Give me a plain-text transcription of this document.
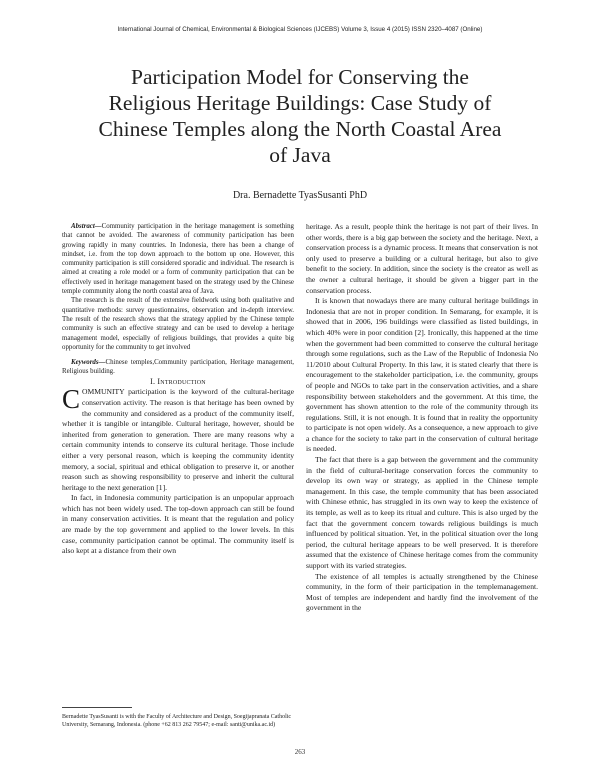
International Journal of Chemical, Environmental & Biological Sciences (IJCEBS) Volume 3, Issue 4 (2015) ISSN 2320–4087 (Online)
Participation Model for Conserving the
Religious Heritage Buildings: Case Study of
Chinese Temples along the North Coastal Area
of Java
Dra. Bernadette TyasSusanti PhD

Abstract—Community participation in the heritage management is something that cannot be avoided. The awareness of community participation has been growing rapidly in many countries. In Indonesia, there has been a change of mindset, i.e. from the top down approach to the bottom up one. However, this community participation is still considered sporadic and individual. The research is aimed at creating a role model or a form of community participation that can be effectively used in heritage management based on the strategy used by the Chinese temple community along the north coastal area of Java.

The research is the result of the extensive fieldwork using both qualitative and quantitative methods: survey questionnaires, observation and in-depth interview. The result of the research shows that the strategy applied by the Chinese temple community is such an effective strategy and can be used to develop a heritage management model, especially of religious buildings, that provides a quite big opportunity for the community to get involved

Keywords—Chinese temples,Community participation, Heritage management, Religious building.

I. Introduction

COMMUNITY participation is the keyword of the cultural-heritage conservation activity. The reason is that heritage has been owned by the community and considered as a product of the community itself, whether it is tangible or intangible. Cultural heritage, however, should be inherited from generation to generation. There are many reasons why a certain community intends to conserve its cultural heritage. Those include either a very personal reason, which is keeping the community identity memory, a social, spiritual and ethical obligation to preserve it, or another reason such as showing responsibility to preserve and inherit the cultural heritage to the next generation [1].

In fact, in Indonesia community participation is an unpopular approach which has not been widely used. The top-down approach can still be found in many conservation activities. It is meant that the regulation and policy are made by the top government and applied to the lower levels. In this case, community participation cannot be optimal. The community itself is also kept at a distance from their own

heritage. As a result, people think the heritage is not part of their lives. In other words, there is a big gap between the society and the heritage. Next, a conservation process is a dynamic process. It means that conservation is not only used to preserve a building or a cultural heritage, but also to give benefit to the society. In addition, since the society is the creator as well as the owner a cultural heritage, it should be given a bigger part in the conservation process.

It is known that nowadays there are many cultural heritage buildings in Indonesia that are not in proper condition. In Semarang, for example, it is showed that in 2006, 196 buildings were classified as listed buildings, in which 40% were in poor condition [2]. Ironically, this happened at the time when the government had been committed to conserve the cultural heritage through some regulations, such as the Law of the Republic of Indonesia No 11/2010 about Cultural Property. In this law, it is stated clearly that there is encouragement to the stakeholder participation, i.e. the community, groups of people and NGOs to take part in the conservation activities, and a share responsibility between stakeholders and the government. At this time, the government has shown attention to the role of the community through its regulations. Still, it is not enough. It is found that in reality the opportunity to participate is not open widely. As a consequence, a new approach to give a chance for the society to take part in the conservation of cultural heritage is needed.

The fact that there is a gap between the government and the community in the field of cultural-heritage conservation forces the community to develop its own way or strategy, as applied in the Chinese temple management. In this case, the temple community that has been associated with Chinese ethnic, has struggled in its own way to keep the existence of its temple, as well as to keep its ritual and culture. This is also urged by the fact that the government concern towards religious buildings is much influenced by political situation. Yet, in the political situation over the long period, the cultural heritage appears to be well preserved. It is therefore assumed that the existence of Chinese heritage comes from the community support with its varied strategies.

The existence of all temples is actually strengthened by the Chinese community, in the form of their participation in the templemanagement. Most of temples are independent and hardly find the involvement of the government in the

Bernadette TyasSusanti is with the Faculty of Architecture and Design, Soegijapranata Catholic University, Semarang, Indonesia. (phone +62 813 262 79547; e-mail: santi@unika.ac.id)
263
